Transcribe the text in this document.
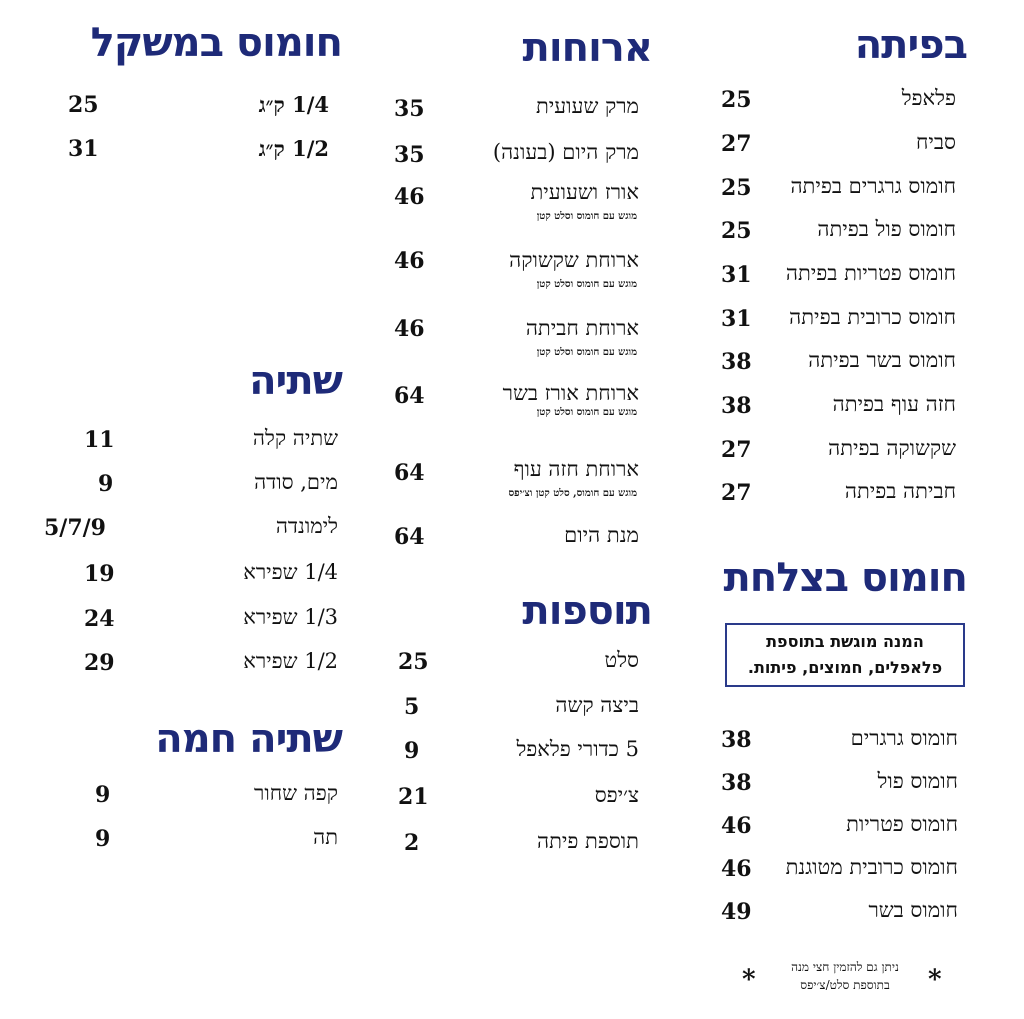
בפיתה
פלאפל
25
סביח
27
חומוס גרגרים בפיתה
25
חומוס פול בפיתה
25
חומוס פטריות בפיתה
31
חומוס כרובית בפיתה
31
חומוס בשר בפיתה
38
חזה עוף בפיתה
38
שקשוקה בפיתה
27
חביתה בפיתה
27
חומוס בצלחת
המנה מוגשת בתוספת
פלאפלים, חמוצים, פיתות.
חומוס גרגרים
38
חומוס פול
38
חומוס פטריות
46
חומוס כרובית מטוגנת
46
חומוס בשר
49
*
ניתן גם להזמין חצי מנה
בתוספת סלט/צ׳יפס
*
ארוחות
מרק שעועית
35
מרק היום (בעונה)
35
אורז ושעועית
מוגש עם חומוס וסלט קטן
46
ארוחת שקשוקה
מוגש עם חומוס וסלט קטן
46
ארוחת חביתה
מוגש עם חומוס וסלט קטן
46
ארוחת אורז בשר
מוגש עם חומוס וסלט קטן
64
ארוחת חזה עוף
מוגש עם חומוס, סלט קטן וצ׳יפס
64
מנת היום
64
תוספות
סלט
25
ביצה קשה
5
5 כדורי פלאפל
9
צ׳יפס
21
תוספת פיתה
2
חומוס במשקל
1/4 ק״ג
25
1/2 ק״ג
31
שתיה
שתיה קלה
11
מים, סודה
9
לימונדה
5/7/9
1/4 שפירא
19
1/3 שפירא
24
1/2 שפירא
29
שתיה חמה
קפה שחור
9
תה
9
